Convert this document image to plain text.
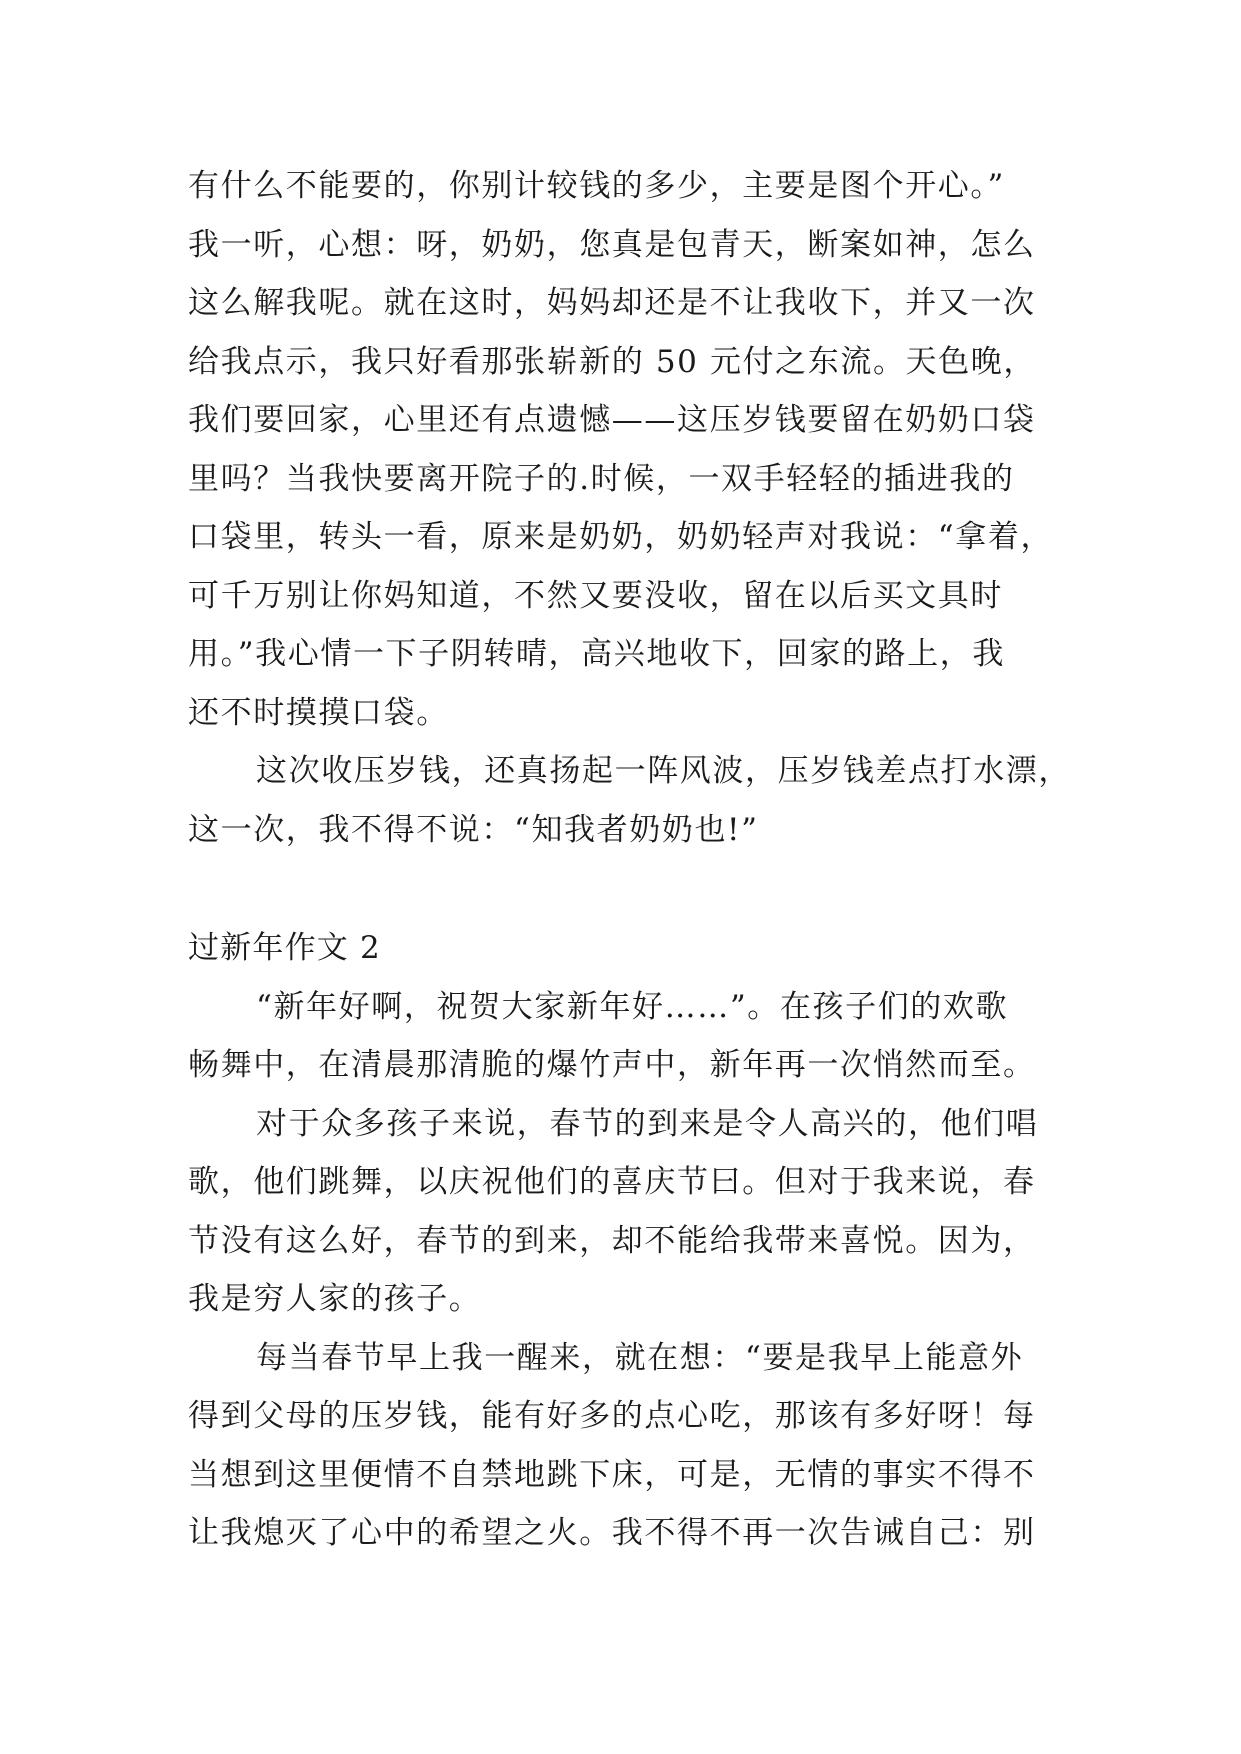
有什么不能要的，你别计较钱的多少，主要是图个开心。”
我一听，心想：呀，奶奶，您真是包青天，断案如神，怎么
这么解我呢。就在这时，妈妈却还是不让我收下，并又一次
给我点示，我只好看那张崭新的 50 元付之东流。天色晚，
我们要回家，心里还有点遗憾——这压岁钱要留在奶奶口袋
里吗？当我快要离开院子的.时候，一双手轻轻的插进我的
口袋里，转头一看，原来是奶奶，奶奶轻声对我说：“拿着，
可千万别让你妈知道，不然又要没收，留在以后买文具时
用。”我心情一下子阴转晴，高兴地收下，回家的路上，我
还不时摸摸口袋。
这次收压岁钱，还真扬起一阵风波，压岁钱差点打水漂，
这一次，我不得不说：“知我者奶奶也!”
过新年作文 2
“新年好啊，祝贺大家新年好……”。在孩子们的欢歌
畅舞中，在清晨那清脆的爆竹声中，新年再一次悄然而至。
对于众多孩子来说，春节的到来是令人高兴的，他们唱
歌，他们跳舞，以庆祝他们的喜庆节曰。但对于我来说，春
节没有这么好，春节的到来，却不能给我带来喜悦。因为，
我是穷人家的孩子。
每当春节早上我一醒来，就在想：“要是我早上能意外
得到父母的压岁钱，能有好多的点心吃，那该有多好呀！每
当想到这里便情不自禁地跳下床，可是，无情的事实不得不
让我熄灭了心中的希望之火。我不得不再一次告诫自己：别
